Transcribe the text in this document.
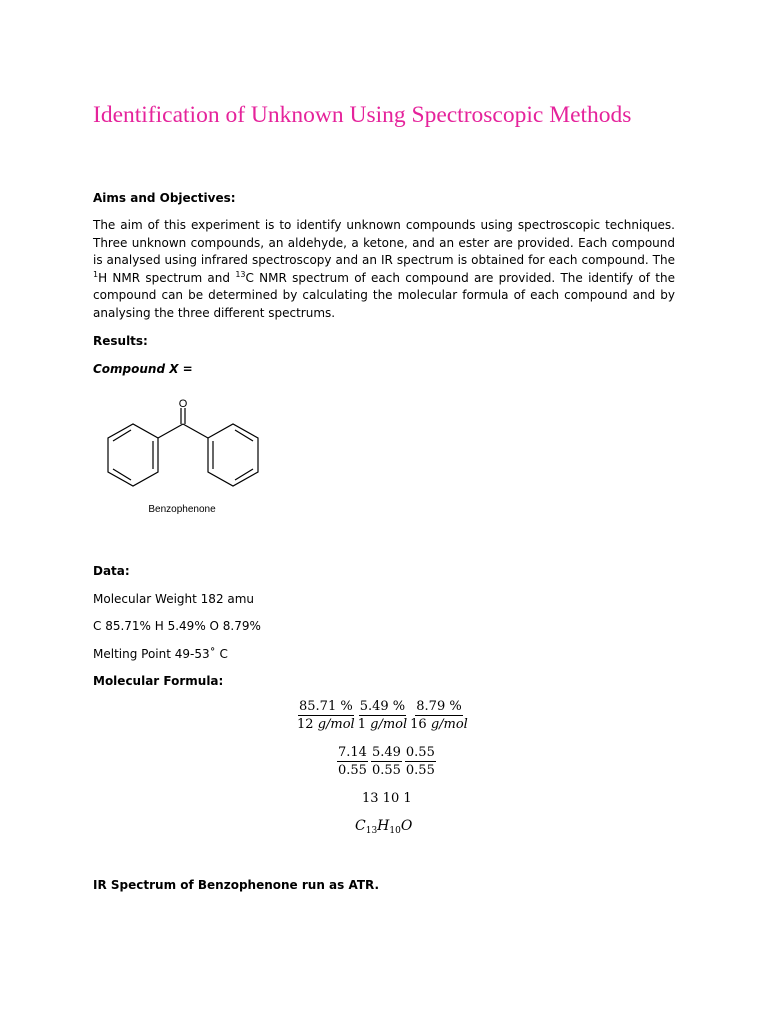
Identification of Unknown Using Spectroscopic Methods
Aims and Objectives:
The aim of this experiment is to identify unknown compounds using spectroscopic techniques. Three unknown compounds, an aldehyde, a ketone, and an ester are provided. Each compound is analysed using infrared spectroscopy and an IR spectrum is obtained for each compound. The $^1$H NMR spectrum and $^{13}$C NMR spectrum of each compound are provided. The identify of the compound can be determined by calculating the molecular formula of each compound and by analysing the three different spectrums.
Results:
Compound X =
O
Benzophenone
Data:
Molecular Weight 182 amu
C 85.71% H 5.49% O 8.79%
Melting Point 49-53˚ C
Molecular Formula:
$\frac{85.71 \%}{\text{12 g/mol}} \frac{5.49 \%}{\text{1 g/mol}} \frac{8.79 \%}{\text{16 g/mol}}$
$\frac{7.14}{0.55} \frac{5.49}{0.55} \frac{0.55}{0.55}$
13 10 1
$C_{13}H_{10}O$
IR Spectrum of Benzophenone run as ATR.
